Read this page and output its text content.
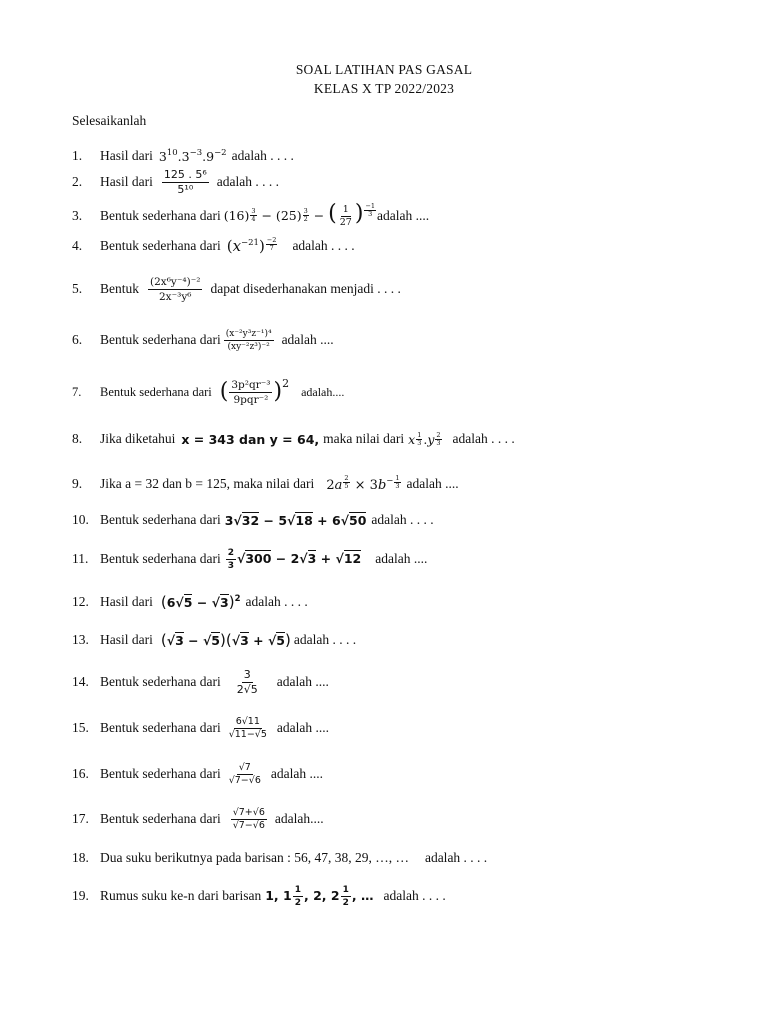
SOAL LATIHAN PAS GASAL
KELAS X TP 2022/2023
Selesaikanlah
1.	Hasil dari $3^{10}.3^{-3}.9^{-2}$ adalah . . . .
2.	Hasil dari $\frac{\text{125 . 5⁶}}{\text{5¹⁰}}$ adalah . . . .
3.	Bentuk sederhana dari $(16) \frac{3}{4} - (25) \frac{3}{2}$ − ( $\frac{1}{27}$ ) $\frac{-1}{3}$ adalah ....
4.	Bentuk sederhana dari $(x^{-21}) \frac{-2}{7}$ adalah . . . .
5.	Bentuk $\frac{\text{(2x⁶y⁻⁴)⁻²}}{\text{2x⁻³y⁶}}$ dapat disederhanakan menjadi . . . .
6.	Bentuk sederhana dari $\frac{\text{(x⁻²y³z⁻¹)⁴}}{\text{(xy⁻²z³)⁻²}}$ adalah ....
7.	Bentuk sederhana dari ( $\frac{\text{3p²qr⁻³}}{\text{9pqr⁻²}}$ ) 2
adalah....
8.	Jika diketahui x = 343 dan y = 64, maka nilai dari x $\frac{1}{3} .y \frac{2}{3}$ adalah . . . .
9.	Jika a = 32 dan b = 125, maka nilai dari $2a \frac{2}{5} \times 3b^- \frac{1}{3}$ adalah ....
10. Bentuk sederhana dari 3√32 − 5√18 + 6√50 adalah . . . .
11. Bentuk sederhana dari $\frac{2}{3} √300 - 2√3 + √12$ adalah ....
12. Hasil dari $(6√5 - √3)^2$ adalah . . . .
13. Hasil dari (√3 − √5)(√3 + √5) adalah . . . .
14. Bentuk sederhana dari $\frac{3}{2√5}$ adalah ....
15. Bentuk sederhana dari $\frac{6√11}{√11-√5}$ adalah ....
16. Bentuk sederhana dari $\frac{√7}{√7-√6}$ adalah ....
17. Bentuk sederhana dari $\frac{√7+√6}{√7-√6}$ adalah....
18. Dua suku berikutnya pada barisan : 56, 47, 38, 29, …, … adalah . . . .
19. Rumus suku ke-n dari barisan 1, $1 \frac{1}{2}$ , 2, $2 \frac{1}{2}$ , … adalah . . . .
